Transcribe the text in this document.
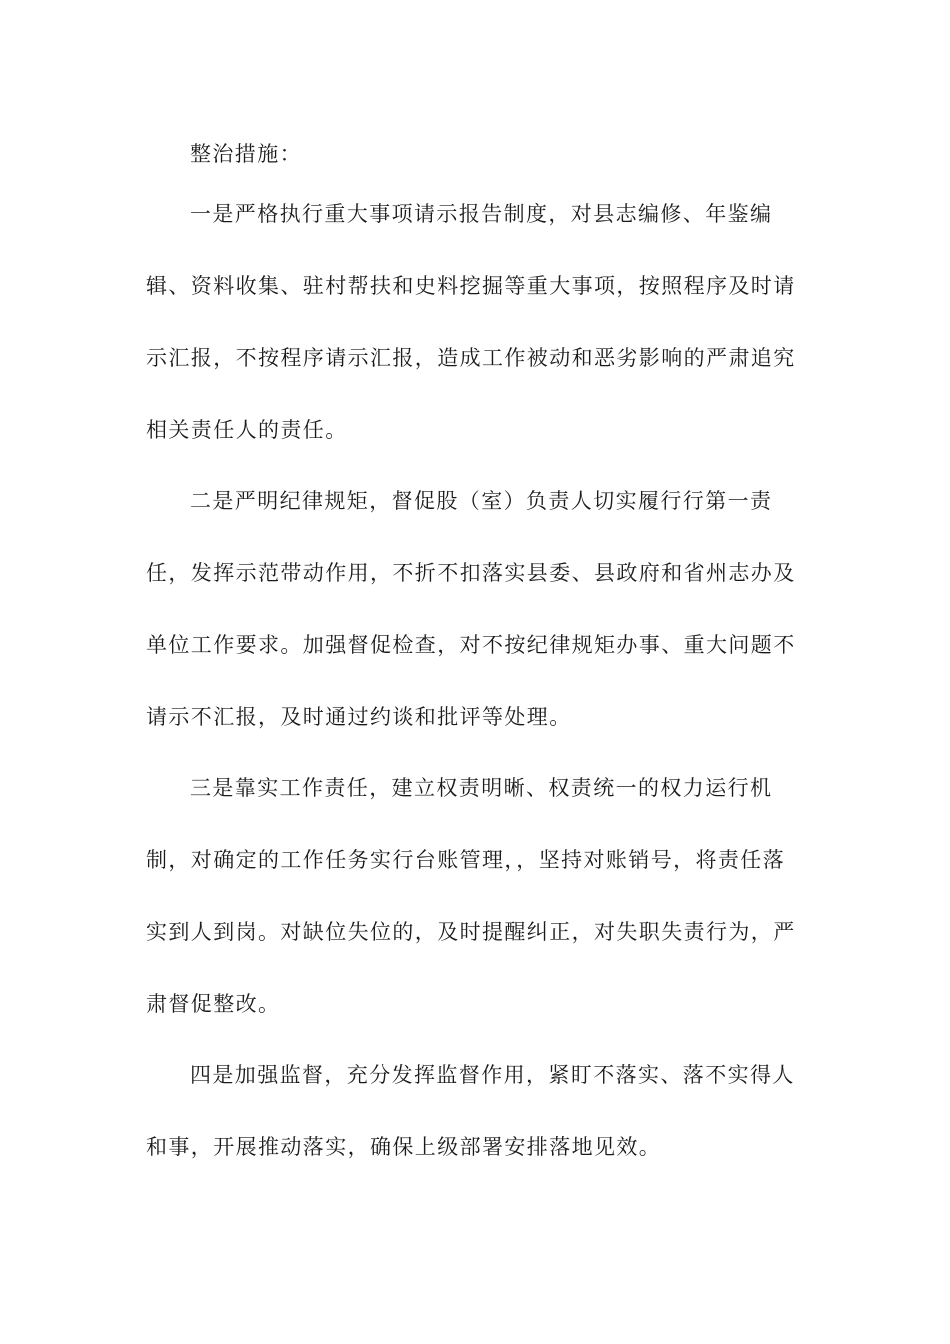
整治措施：
一是严格执行重大事项请示报告制度，对县志编修、年鉴编
辑、资料收集、驻村帮扶和史料挖掘等重大事项，按照程序及时请
示汇报，不按程序请示汇报，造成工作被动和恶劣影响的严肃追究
相关责任人的责任。
二是严明纪律规矩，督促股（室）负责人切实履行行第一责
任，发挥示范带动作用，不折不扣落实县委、县政府和省州志办及
单位工作要求。加强督促检查，对不按纪律规矩办事、重大问题不
请示不汇报，及时通过约谈和批评等处理。
三是靠实工作责任，建立权责明晰、权责统一的权力运行机
制，对确定的工作任务实行台账管理，，坚持对账销号，将责任落
实到人到岗。对缺位失位的，及时提醒纠正，对失职失责行为，严
肃督促整改。
四是加强监督，充分发挥监督作用，紧盯不落实、落不实得人
和事，开展推动落实，确保上级部署安排落地见效。
